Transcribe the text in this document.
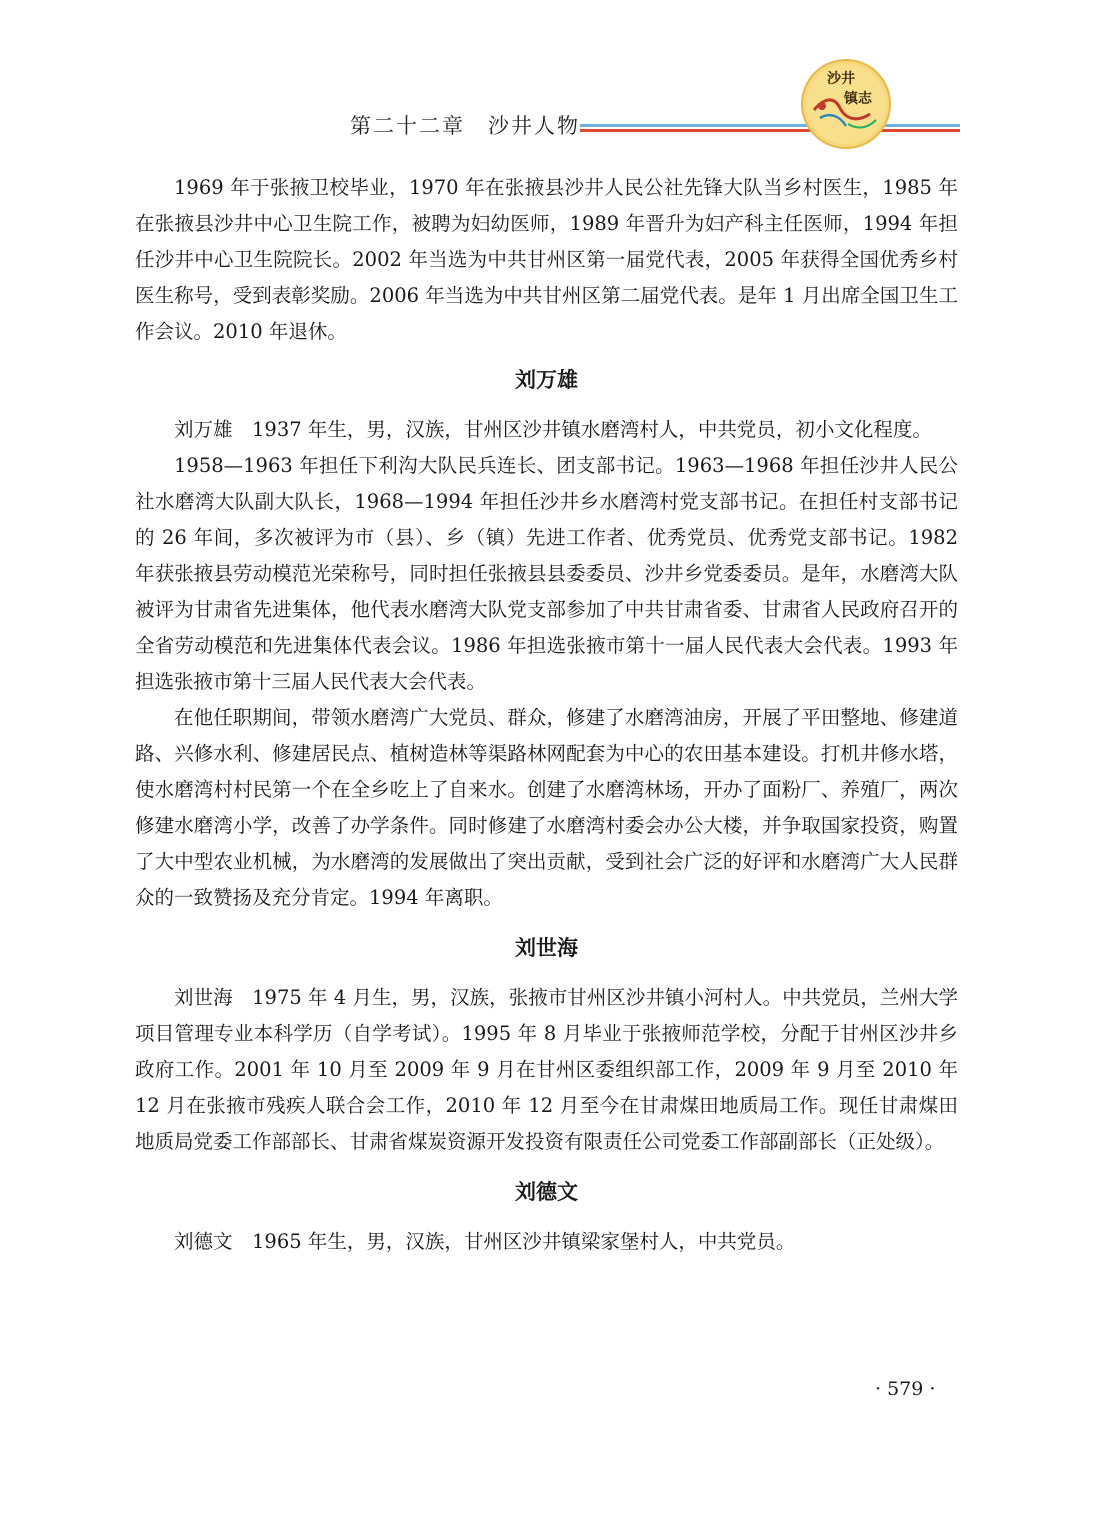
第二十二章　沙井人物
沙井
镇志

1969 年于张掖卫校毕业，1970 年在张掖县沙井人民公社先锋大队当乡村医生，1985 年在张掖县沙井中心卫生院工作，被聘为妇幼医师，1989 年晋升为妇产科主任医师，1994 年担任沙井中心卫生院院长。2002 年当选为中共甘州区第一届党代表，2005 年获得全国优秀乡村医生称号，受到表彰奖励。2006 年当选为中共甘州区第二届党代表。是年 1 月出席全国卫生工作会议。2010 年退休。

刘万雄

刘万雄　1937 年生，男，汉族，甘州区沙井镇水磨湾村人，中共党员，初小文化程度。

1958—1963 年担任下利沟大队民兵连长、团支部书记。1963—1968 年担任沙井人民公社水磨湾大队副大队长，1968—1994 年担任沙井乡水磨湾村党支部书记。在担任村支部书记的 26 年间，多次被评为市（县）、乡（镇）先进工作者、优秀党员、优秀党支部书记。1982 年获张掖县劳动模范光荣称号，同时担任张掖县县委委员、沙井乡党委委员。是年，水磨湾大队被评为甘肃省先进集体，他代表水磨湾大队党支部参加了中共甘肃省委、甘肃省人民政府召开的全省劳动模范和先进集体代表会议。1986 年担选张掖市第十一届人民代表大会代表。1993 年担选张掖市第十三届人民代表大会代表。

在他任职期间，带领水磨湾广大党员、群众，修建了水磨湾油房，开展了平田整地、修建道路、兴修水利、修建居民点、植树造林等渠路林网配套为中心的农田基本建设。打机井修水塔，使水磨湾村村民第一个在全乡吃上了自来水。创建了水磨湾林场，开办了面粉厂、养殖厂，两次修建水磨湾小学，改善了办学条件。同时修建了水磨湾村委会办公大楼，并争取国家投资，购置了大中型农业机械，为水磨湾的发展做出了突出贡献，受到社会广泛的好评和水磨湾广大人民群众的一致赞扬及充分肯定。1994 年离职。

刘世海

刘世海　1975 年 4 月生，男，汉族，张掖市甘州区沙井镇小河村人。中共党员，兰州大学项目管理专业本科学历（自学考试）。1995 年 8 月毕业于张掖师范学校，分配于甘州区沙井乡政府工作。2001 年 10 月至 2009 年 9 月在甘州区委组织部工作，2009 年 9 月至 2010 年 12 月在张掖市残疾人联合会工作，2010 年 12 月至今在甘肃煤田地质局工作。现任甘肃煤田地质局党委工作部部长、甘肃省煤炭资源开发投资有限责任公司党委工作部副部长（正处级）。

刘德文

刘德文　1965 年生，男，汉族，甘州区沙井镇梁家堡村人，中共党员。

· 579 ·
